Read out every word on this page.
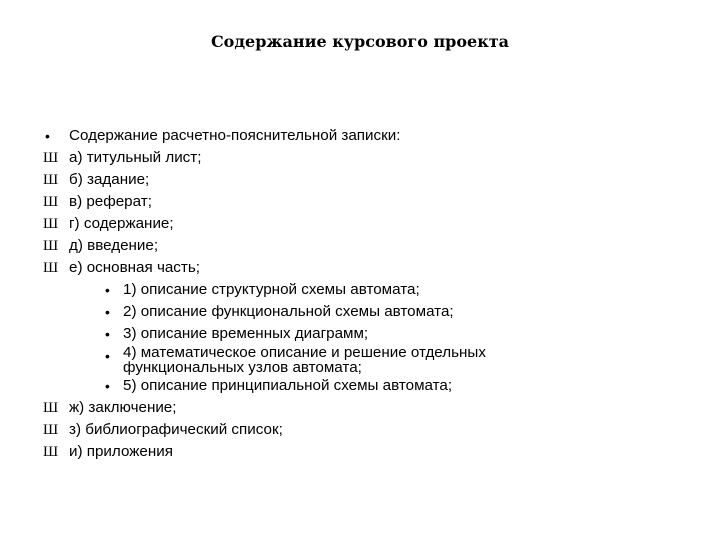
Содержание курсового проекта
•	Содержание расчетно-пояснительной записки:
Ш а) титульный лист;
Ш б) задание;
Ш в) реферат;
Ш г) содержание;
Ш д) введение;
Ш е) основная часть;
• 1) описание структурной схемы автомата;
• 2) описание функциональной схемы автомата;
• 3) описание временных диаграмм;
• 4) математическое описание и решение отдельных функциональных узлов автомата;
• 5) описание принципиальной схемы автомата;
Ш ж) заключение;
Ш з) библиографический список;
Ш и) приложения
